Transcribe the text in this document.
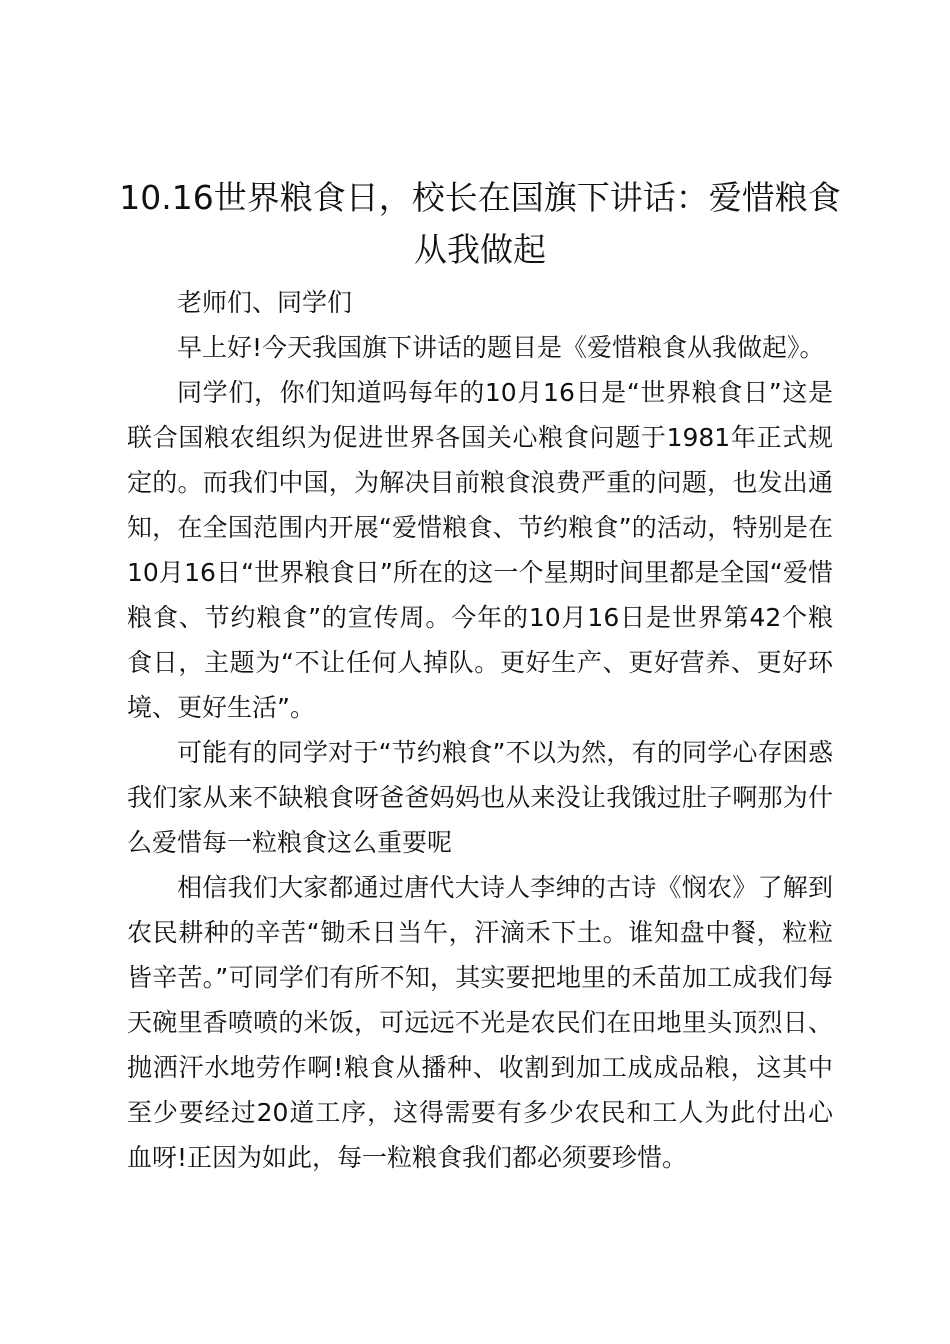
10.16世界粮食日，校长在国旗下讲话：爱惜粮食从我做起

老师们、同学们

早上好!今天我国旗下讲话的题目是《爱惜粮食从我做起》。

同学们，你们知道吗每年的10月16日是“世界粮食日”这是联合国粮农组织为促进世界各国关心粮食问题于1981年正式规定的。而我们中国，为解决目前粮食浪费严重的问题，也发出通知，在全国范围内开展“爱惜粮食、节约粮食”的活动，特别是在10月16日“世界粮食日”所在的这一个星期时间里都是全国“爱惜粮食、节约粮食”的宣传周。今年的10月16日是世界第42个粮食日，主题为“不让任何人掉队。更好生产、更好营养、更好环境、更好生活”。

可能有的同学对于“节约粮食”不以为然，有的同学心存困惑我们家从来不缺粮食呀爸爸妈妈也从来没让我饿过肚子啊那为什么爱惜每一粒粮食这么重要呢

相信我们大家都通过唐代大诗人李绅的古诗《悯农》了解到农民耕种的辛苦“锄禾日当午，汗滴禾下土。谁知盘中餐，粒粒皆辛苦。”可同学们有所不知，其实要把地里的禾苗加工成我们每天碗里香喷喷的米饭，可远远不光是农民们在田地里头顶烈日、抛洒汗水地劳作啊!粮食从播种、收割到加工成成品粮，这其中至少要经过20道工序，这得需要有多少农民和工人为此付出心血呀!正因为如此，每一粒粮食我们都必须要珍惜。
